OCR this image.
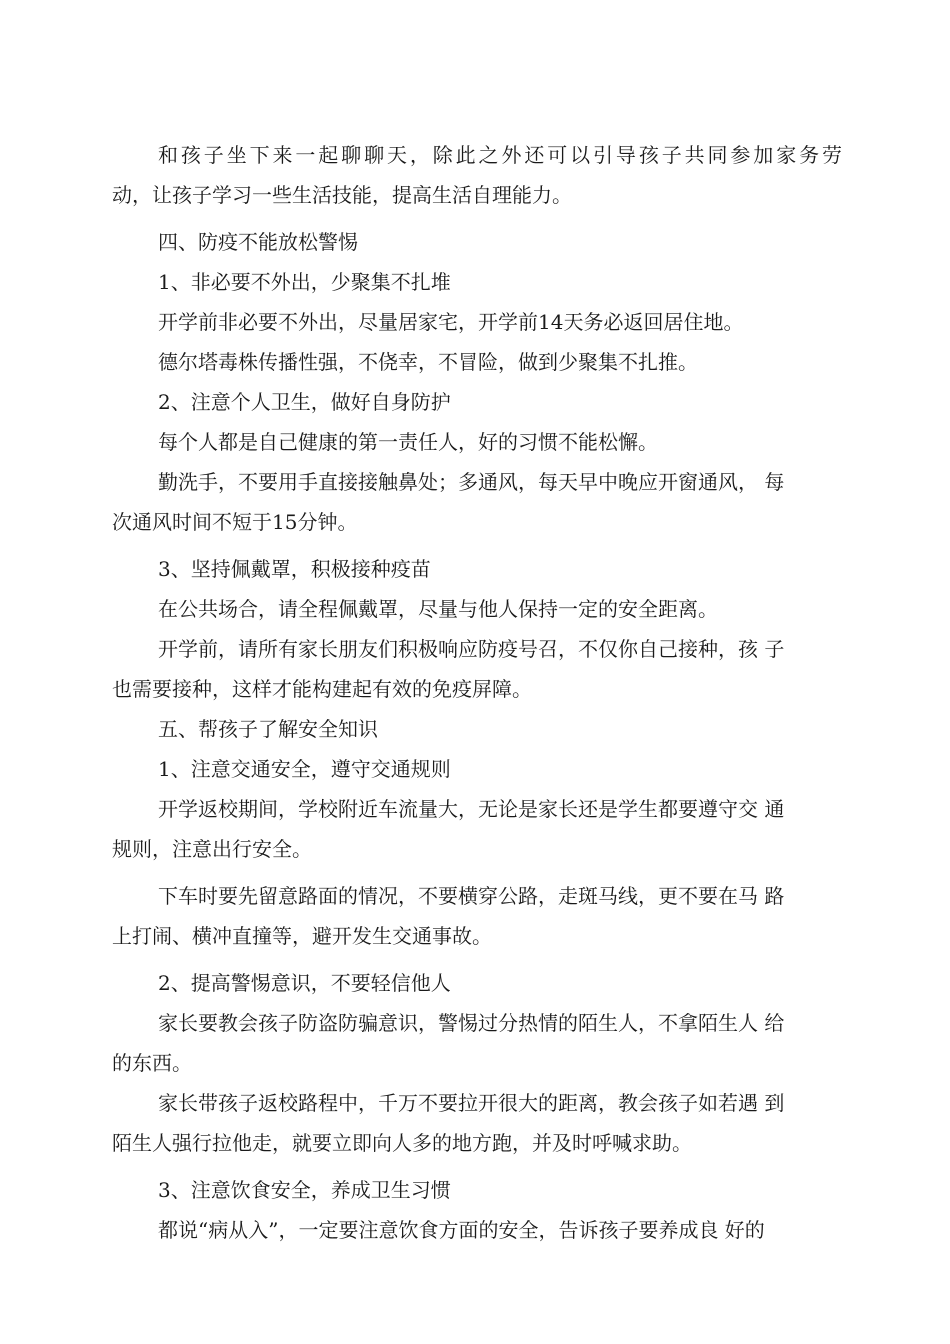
和孩子坐下来一起聊聊天，除此之外还可以引导孩子共同参加家务劳

动，让孩子学习一些生活技能，提高生活自理能力。

四、防疫不能放松警惕

1、非必要不外出，少聚集不扎堆

开学前非必要不外出，尽量居家宅，开学前14天务必返回居住地。

德尔塔毒株传播性强，不侥幸，不冒险，做到少聚集不扎推。

2、注意个人卫生，做好自身防护

每个人都是自己健康的第一责任人，好的习惯不能松懈。

勤洗手，不要用手直接接触鼻处；多通风，每天早中晚应开窗通风， 每

次通风时间不短于15分钟。

3、坚持佩戴罩，积极接种疫苗

在公共场合，请全程佩戴罩，尽量与他人保持一定的安全距离。

开学前，请所有家长朋友们积极响应防疫号召，不仅你自己接种，孩 子

也需要接种，这样才能构建起有效的免疫屏障。

五、帮孩子了解安全知识

1、注意交通安全，遵守交通规则

开学返校期间，学校附近车流量大，无论是家长还是学生都要遵守交 通

规则，注意出行安全。

下车时要先留意路面的情况，不要横穿公路，走斑马线，更不要在马 路

上打闹、横冲直撞等，避开发生交通事故。

2、提高警惕意识，不要轻信他人

家长要教会孩子防盗防骗意识，警惕过分热情的陌生人，不拿陌生人 给

的东西。

家长带孩子返校路程中，千万不要拉开很大的距离，教会孩子如若遇 到

陌生人强行拉他走，就要立即向人多的地方跑，并及时呼喊求助。

3、注意饮食安全，养成卫生习惯

都说“病从入”，一定要注意饮食方面的安全，告诉孩子要养成良 好的
